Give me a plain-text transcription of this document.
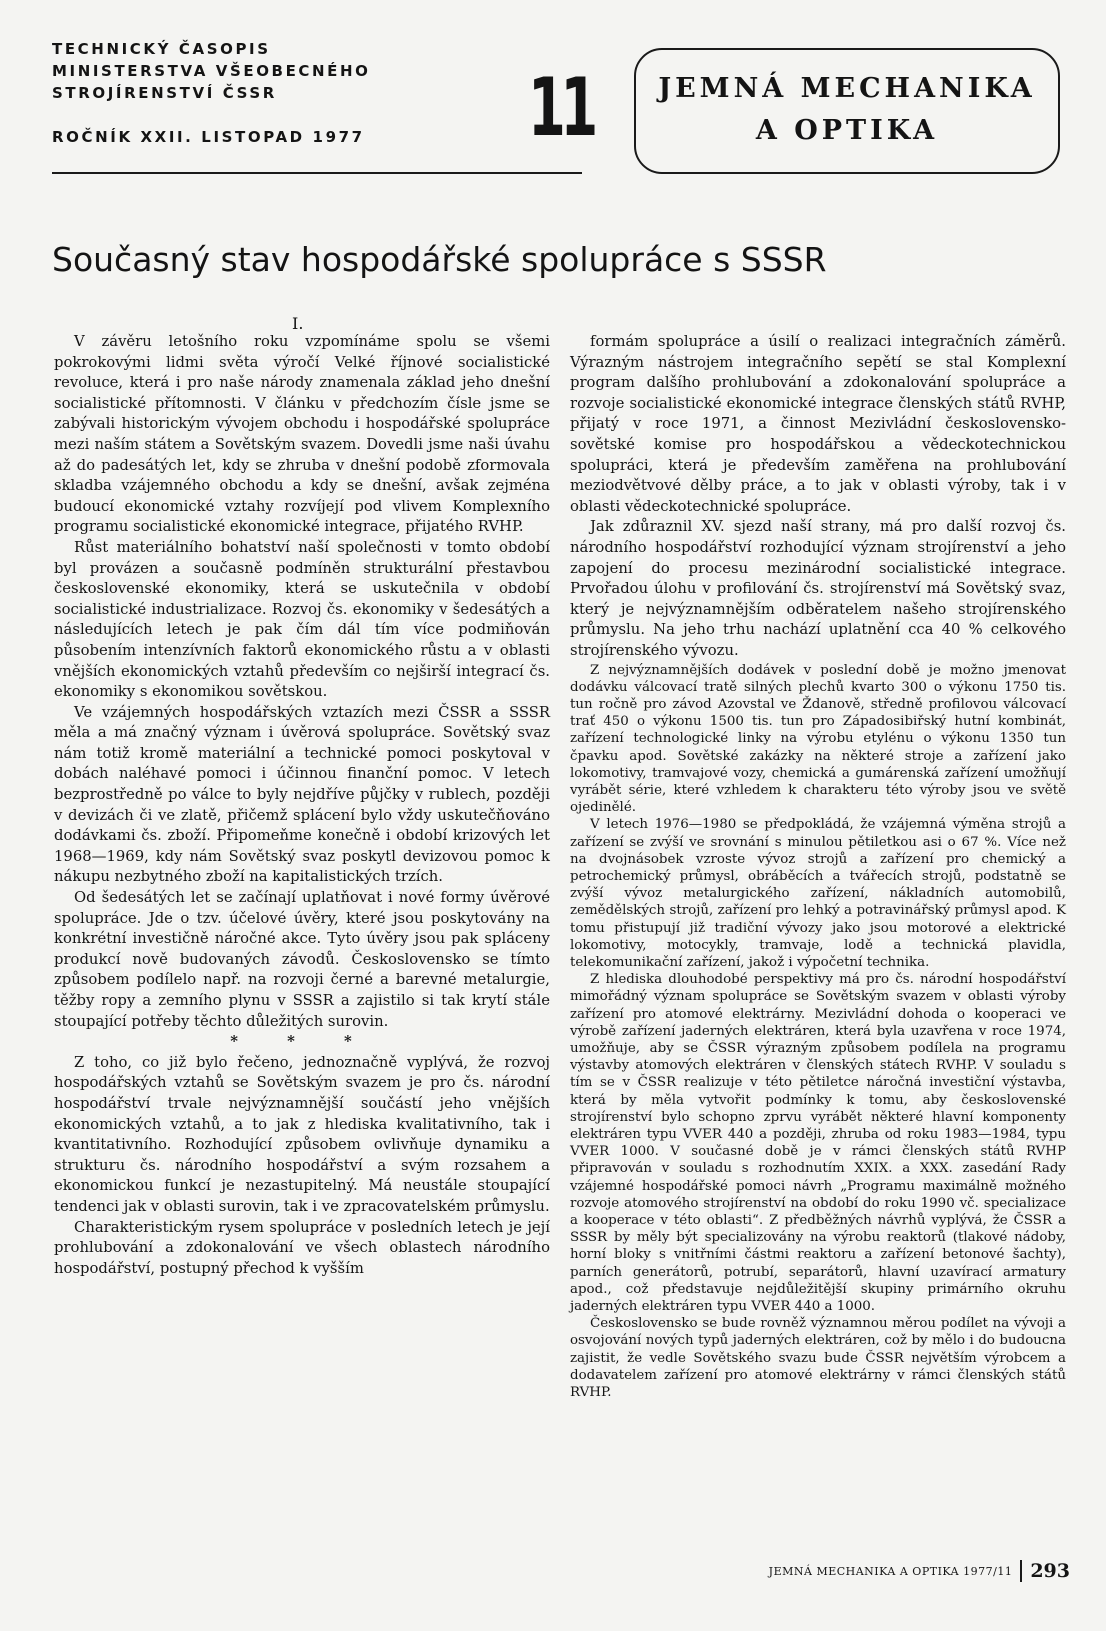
TECHNICKÝ ČASOPIS
MINISTERSTVA VŠEOBECNÉHO
STROJÍRENSTVÍ ČSSR
ROČNÍK XXII. LISTOPAD 1977 11	JEMNÁ MECHANIKA
A OPTIKA
Současný stav hospodářské spolupráce s SSSR
I.

V závěru letošního roku vzpomínáme spolu se všemi pokrokovými lidmi světa výročí Velké říjnové socialistické revoluce, která i pro naše národy znamenala základ jeho dnešní socialistické přítomnosti. V článku v předchozím čísle jsme se zabývali historickým vývojem obchodu i hospodářské spolupráce mezi naším státem a Sovětským svazem. Dovedli jsme naši úvahu až do padesátých let, kdy se zhruba v dnešní podobě zformovala skladba vzájemného obchodu a kdy se dnešní, avšak zejména budoucí ekonomické vztahy rozvíjejí pod vlivem Komplexního programu socialistické ekonomické integrace, přijatého RVHP.

Růst materiálního bohatství naší společnosti v tomto období byl provázen a současně podmíněn strukturální přestavbou československé ekonomiky, která se uskutečnila v období socialistické industrializace. Rozvoj čs. ekonomiky v šedesátých a následujících letech je pak čím dál tím více podmiňován působením intenzívních faktorů ekonomického růstu a v oblasti vnějších ekonomických vztahů především co nejširší integrací čs. ekonomiky s ekonomikou sovětskou.

Ve vzájemných hospodářských vztazích mezi ČSSR a SSSR měla a má značný význam i úvěrová spolupráce. Sovětský svaz nám totiž kromě materiální a technické pomoci poskytoval v dobách naléhavé pomoci i účinnou finanční pomoc. V letech bezprostředně po válce to byly nejdříve půjčky v rublech, později v devizách či ve zlatě, přičemž splácení bylo vždy uskutečňováno dodávkami čs. zboží. Připomeňme konečně i období krizových let 1968—1969, kdy nám Sovětský svaz poskytl devizovou pomoc k nákupu nezbytného zboží na kapitalistických trzích.

Od šedesátých let se začínají uplatňovat i nové formy úvěrové spolupráce. Jde o tzv. účelové úvěry, které jsou poskytovány na konkrétní investičně náročné akce. Tyto úvěry jsou pak spláceny produkcí nově budovaných závodů. Československo se tímto způsobem podílelo např. na rozvoji černé a barevné metalurgie, těžby ropy a zemního plynu v SSSR a zajistilo si tak krytí stále stoupající potřeby těchto důležitých surovin.

* * *

Z toho, co již bylo řečeno, jednoznačně vyplývá, že rozvoj hospodářských vztahů se Sovětským svazem je pro čs. národní hospodářství trvale nejvýznamnější součástí jeho vnějších ekonomických vztahů, a to jak z hlediska kvalitativního, tak i kvantitativního. Rozhodující způsobem ovlivňuje dynamiku a strukturu čs. národního hospodářství a svým rozsahem a ekonomickou funkcí je nezastupitelný. Má neustále stoupající tendenci jak v oblasti surovin, tak i ve zpracovatelském průmyslu.

Charakteristickým rysem spolupráce v posledních letech je její prohlubování a zdokonalování ve všech oblastech národního hospodářství, postupný přechod k vyšším

formám spolupráce a úsilí o realizaci integračních záměrů. Výrazným nástrojem integračního sepětí se stal Komplexní program dalšího prohlubování a zdokonalování spolupráce a rozvoje socialistické ekonomické integrace členských států RVHP, přijatý v roce 1971, a činnost Mezivládní československo-sovětské komise pro hospodářskou a vědeckotechnickou spolupráci, která je především zaměřena na prohlubování meziodvětvové dělby práce, a to jak v oblasti výroby, tak i v oblasti vědeckotechnické spolupráce.

Jak zdůraznil XV. sjezd naší strany, má pro další rozvoj čs. národního hospodářství rozhodující význam strojírenství a jeho zapojení do procesu mezinárodní socialistické integrace. Prvořadou úlohu v profilování čs. strojírenství má Sovětský svaz, který je nejvýznamnějším odběratelem našeho strojírenského průmyslu. Na jeho trhu nachází uplatnění cca 40 % celkového strojírenského vývozu.

Z nejvýznamnějších dodávek v poslední době je možno jmenovat dodávku válcovací tratě silných plechů kvarto 300 o výkonu 1750 tis. tun ročně pro závod Azovstal ve Ždanově, středně profilovou válcovací trať 450 o výkonu 1500 tis. tun pro Západosibiřský hutní kombinát, zařízení technologické linky na výrobu etylénu o výkonu 1350 tun čpavku apod. Sovětské zakázky na některé stroje a zařízení jako lokomotivy, tramvajové vozy, chemická a gumárenská zařízení umožňují vyrábět série, které vzhledem k charakteru této výroby jsou ve světě ojedinělé.

V letech 1976—1980 se předpokládá, že vzájemná výměna strojů a zařízení se zvýší ve srovnání s minulou pětiletkou asi o 67 %. Více než na dvojnásobek vzroste vývoz strojů a zařízení pro chemický a petrochemický průmysl, obráběcích a tvářecích strojů, podstatně se zvýší vývoz metalurgického zařízení, nákladních automobilů, zemědělských strojů, zařízení pro lehký a potravinářský průmysl apod. K tomu přistupují již tradiční vývozy jako jsou motorové a elektrické lokomotivy, motocykly, tramvaje, lodě a technická plavidla, telekomunikační zařízení, jakož i výpočetní technika.

Z hlediska dlouhodobé perspektivy má pro čs. národní hospodářství mimořádný význam spolupráce se Sovětským svazem v oblasti výroby zařízení pro atomové elektrárny. Mezivládní dohoda o kooperaci ve výrobě zařízení jaderných elektráren, která byla uzavřena v roce 1974, umožňuje, aby se ČSSR výrazným způsobem podílela na programu výstavby atomových elektráren v členských státech RVHP. V souladu s tím se v ČSSR realizuje v této pětiletce náročná investiční výstavba, která by měla vytvořit podmínky k tomu, aby československé strojírenství bylo schopno zprvu vyrábět některé hlavní komponenty elektráren typu VVER 440 a později, zhruba od roku 1983—1984, typu VVER 1000. V současné době je v rámci členských států RVHP připravován v souladu s rozhodnutím XXIX. a XXX. zasedání Rady vzájemné hospodářské pomoci návrh „Programu maximálně možného rozvoje atomového strojírenství na období do roku 1990 vč. specializace a kooperace v této oblasti“. Z předběžných návrhů vyplývá, že ČSSR a SSSR by měly být specializovány na výrobu reaktorů (tlakové nádoby, horní bloky s vnitřními částmi reaktoru a zařízení betonové šachty), parních generátorů, potrubí, separátorů, hlavní uzavírací armatury apod., což představuje nejdůležitější skupiny primárního okruhu jaderných elektráren typu VVER 440 a 1000.

Československo se bude rovněž významnou měrou podílet na vývoji a osvojování nových typů jaderných elektráren, což by mělo i do budoucna zajistit, že vedle Sovětského svazu bude ČSSR největším výrobcem a dodavatelem zařízení pro atomové elektrárny v rámci členských států RVHP.

JEMNÁ MECHANIKA A OPTIKA 1977/11 293
